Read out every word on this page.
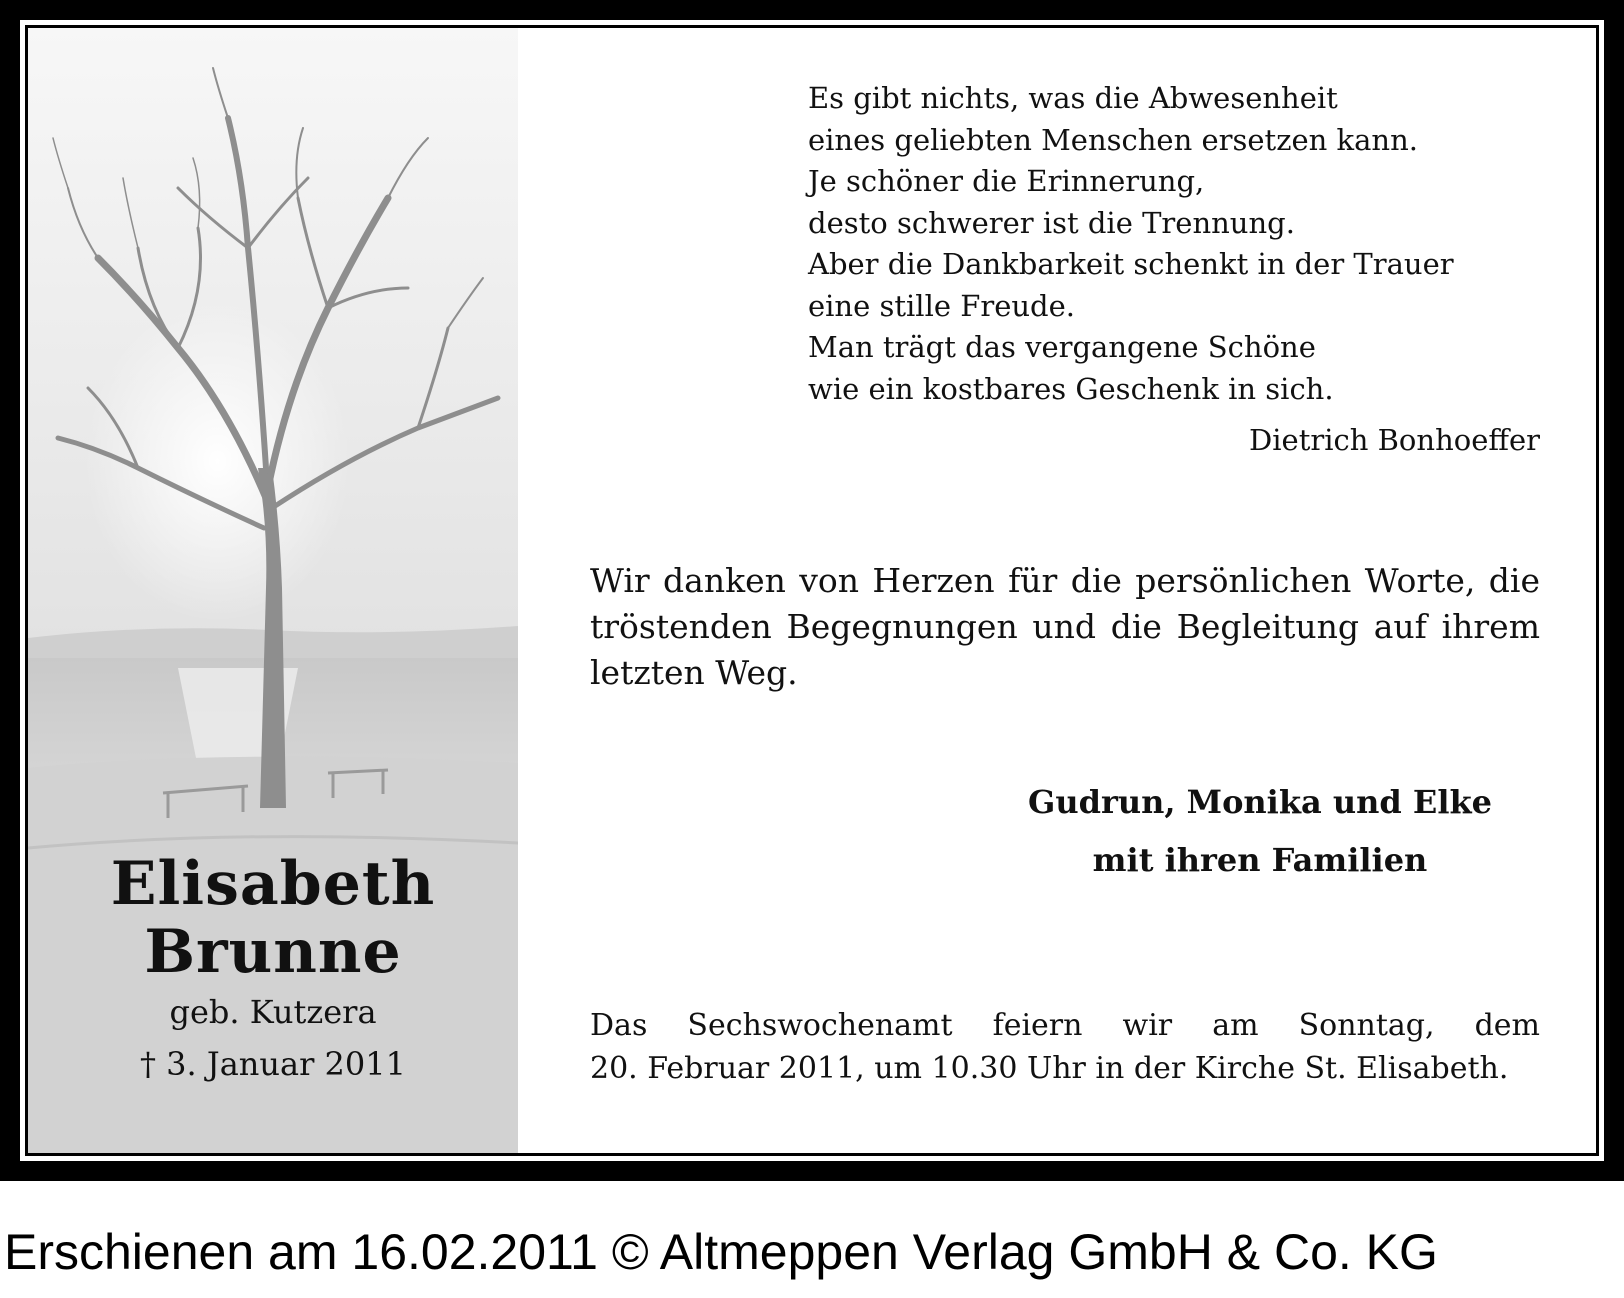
Elisabeth
Brunne
geb. Kutzera
† 3. Januar 2011
Es gibt nichts, was die Abwesenheit
eines geliebten Menschen ersetzen kann.
Je schöner die Erinnerung,
desto schwerer ist die Trennung.
Aber die Dankbarkeit schenkt in der Trauer
eine stille Freude.
Man trägt das vergangene Schöne
wie ein kostbares Geschenk in sich.
Dietrich Bonhoeffer
Wir danken von Herzen für die persönlichen Worte, die tröstenden Begegnungen und die Begleitung auf ihrem letzten Weg.
Gudrun, Monika und Elke
mit ihren Familien
Das Sechswochenamt feiern wir am Sonntag, dem
20. Februar 2011, um 10.30 Uhr in der Kirche St. Elisabeth.
Erschienen am 16.02.2011 © Altmeppen Verlag GmbH & Co. KG
